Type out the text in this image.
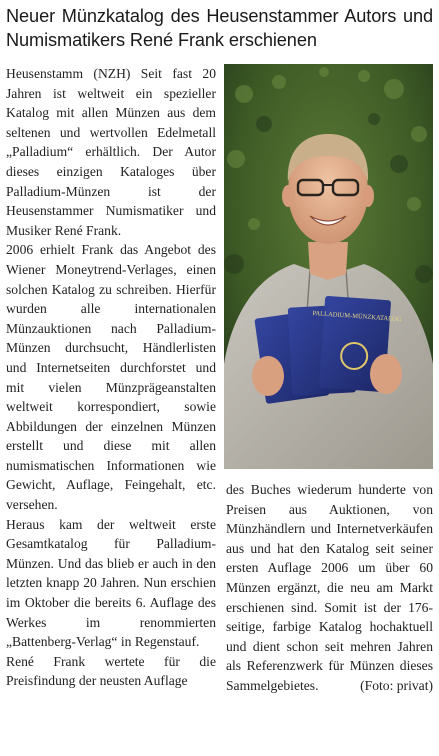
Neuer Münzkatalog des Heusenstammer Autors und Numismatikers René Frank erschienen

Heusenstamm (NZH) Seit fast 20 Jahren ist weltweit ein spezieller Katalog mit allen Münzen aus dem seltenen und wertvollen Edelmetall „Palladium“ erhältlich. Der Autor dieses einzigen Kataloges über Palladium-Münzen ist der Heusenstammer Numismatiker und Musiker René Frank.

2006 erhielt Frank das Angebot des Wiener Moneytrend-Verlages, einen solchen Katalog zu schreiben. Hierfür wurden alle internationalen Münzauktionen nach Palladium-Münzen durchsucht, Händlerlisten und Internetseiten durchforstet und mit vielen Münzprägeanstalten weltweit korrespondiert, sowie Abbildungen der einzelnen Münzen erstellt und diese mit allen numismatischen Informationen wie Gewicht, Auflage, Feingehalt, etc. versehen.

Heraus kam der weltweit erste Gesamtkatalog für Palladium-Münzen. Und das blieb er auch in den letzten knapp 20 Jahren. Nun erschien im Oktober die bereits 6. Auflage des Werkes im renommierten „Battenberg-Verlag“ in Regenstauf.

René Frank wertete für die Preisfindung der neusten Auflage

PALLADIUM-MÜNZKATALOG

des Buches wiederum hunderte von Preisen aus Auktionen, von Münzhändlern und Internetverkäufen aus und hat den Katalog seit seiner ersten Auflage 2006 um über 60 Münzen ergänzt, die neu am Markt erschienen sind. Somit ist der 176-seitige, farbige Katalog hochaktuell und dient schon seit mehren Jahren als Referenzwerk für Münzen dieses Sammelgebietes.	(Foto: privat)
